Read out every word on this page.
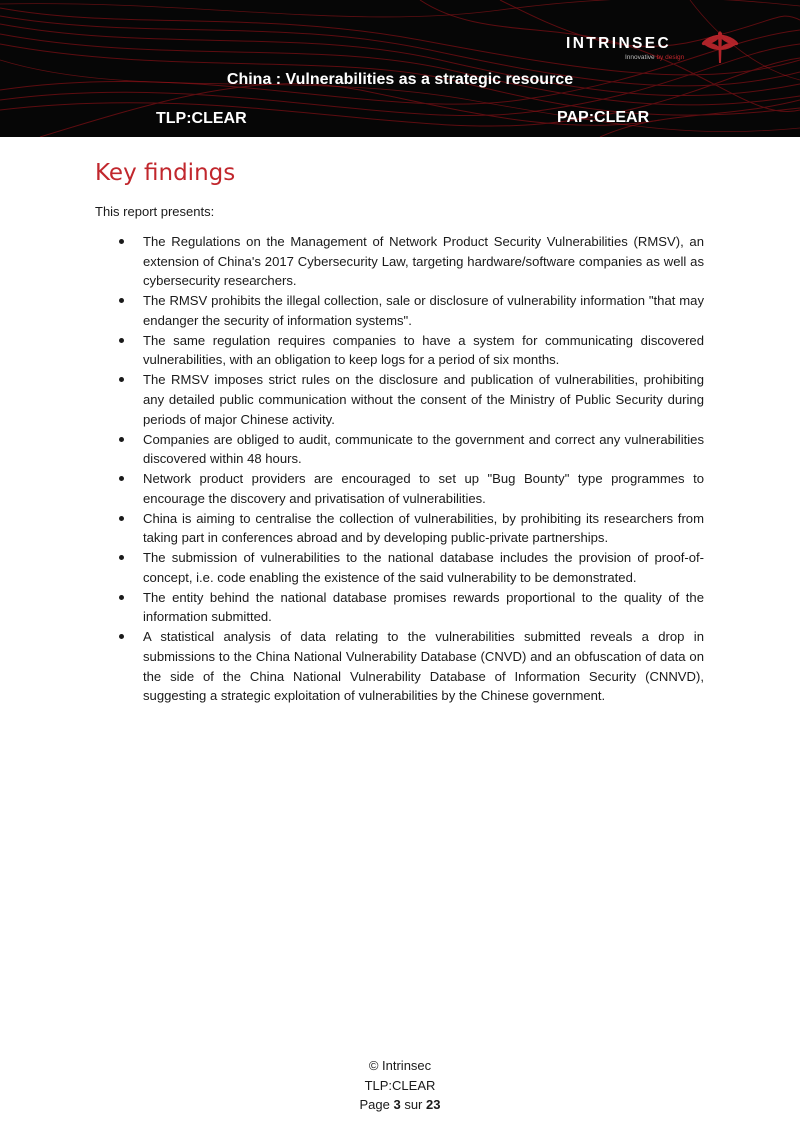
INTRINSEC
Innovative by design
China : Vulnerabilities as a strategic resource
TLP:CLEAR	PAP:CLEAR
Key findings

This report presents:

The Regulations on the Management of Network Product Security Vulnerabilities (RMSV), an extension of China's 2017 Cybersecurity Law, targeting hardware/software companies as well as cybersecurity researchers.
The RMSV prohibits the illegal collection, sale or disclosure of vulnerability information "that may endanger the security of information systems".
The same regulation requires companies to have a system for communicating discovered vulnerabilities, with an obligation to keep logs for a period of six months.
The RMSV imposes strict rules on the disclosure and publication of vulnerabilities, prohibiting any detailed public communication without the consent of the Ministry of Public Security during periods of major Chinese activity.
Companies are obliged to audit, communicate to the government and correct any vulnerabilities discovered within 48 hours.
Network product providers are encouraged to set up "Bug Bounty" type programmes to encourage the discovery and privatisation of vulnerabilities.
China is aiming to centralise the collection of vulnerabilities, by prohibiting its researchers from taking part in conferences abroad and by developing public-private partnerships.
The submission of vulnerabilities to the national database includes the provision of proof-of-concept, i.e. code enabling the existence of the said vulnerability to be demonstrated.
The entity behind the national database promises rewards proportional to the quality of the information submitted.
A statistical analysis of data relating to the vulnerabilities submitted reveals a drop in submissions to the China National Vulnerability Database (CNVD) and an obfuscation of data on the side of the China National Vulnerability Database of Information Security (CNNVD), suggesting a strategic exploitation of vulnerabilities by the Chinese government.
© Intrinsec
TLP:CLEAR
Page 3 sur 23
